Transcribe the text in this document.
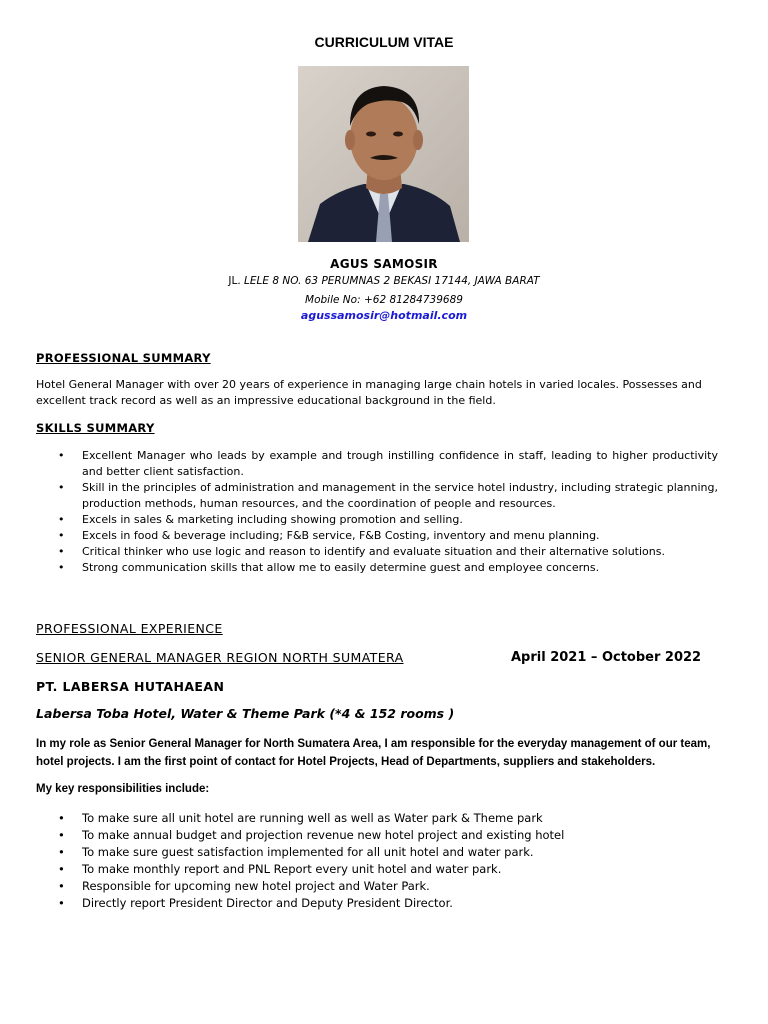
CURRICULUM VITAE
AGUS SAMOSIR
JL. LELE 8 NO. 63 PERUMNAS 2 BEKASI 17144, JAWA BARAT
Mobile No: +62 81284739689
agussamosir@hotmail.com
PROFESSIONAL SUMMARY
Hotel General Manager with over 20 years of experience in managing large chain hotels in varied locales. Possesses and excellent track record as well as an impressive educational background in the field.
SKILLS SUMMARY
• Excellent Manager who leads by example and trough instilling confidence in staff, leading to higher productivity and better client satisfaction.
• Skill in the principles of administration and management in the service hotel industry, including strategic planning, production methods, human resources, and the coordination of people and resources.
• Excels in sales & marketing including showing promotion and selling.
• Excels in food & beverage including; F&B service, F&B Costing, inventory and menu planning.
• Critical thinker who use logic and reason to identify and evaluate situation and their alternative solutions.
• Strong communication skills that allow me to easily determine guest and employee concerns.
PROFESSIONAL EXPERIENCE
SENIOR GENERAL MANAGER REGION NORTH SUMATERA	April 2021 – October 2022
PT. LABERSA HUTAHAEAN
Labersa Toba Hotel, Water & Theme Park (*4 & 152 rooms )
In my role as Senior General Manager for North Sumatera Area, I am responsible for the everyday management of our team, hotel projects. I am the first point of contact for Hotel Projects, Head of Departments, suppliers and stakeholders.
My key responsibilities include:
• To make sure all unit hotel are running well as well as Water park & Theme park
• To make annual budget and projection revenue new hotel project and existing hotel
• To make sure guest satisfaction implemented for all unit hotel and water park.
• To make monthly report and PNL Report every unit hotel and water park.
• Responsible for upcoming new hotel project and Water Park.
• Directly report President Director and Deputy President Director.
